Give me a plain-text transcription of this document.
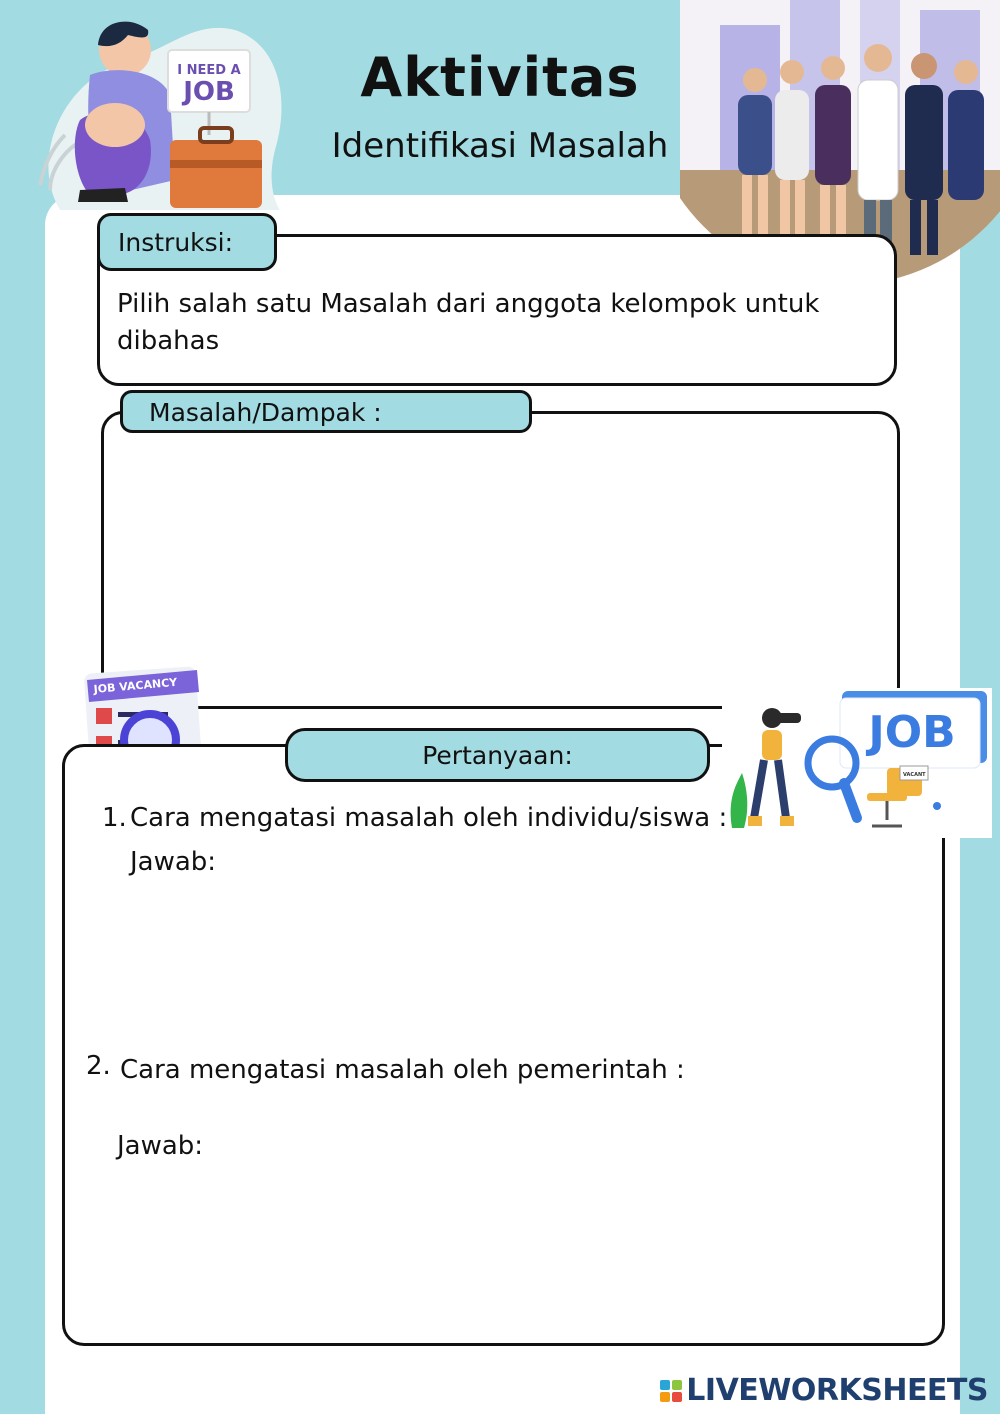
I NEED A
JOB	Aktivitas
Identifikasi Masalah
Instruksi:
Pilih salah satu Masalah dari anggota kelompok untuk dibahas
Masalah/Dampak :
JOB VACANCY
Pertanyaan:	JOB
VACANT
1. Cara mengatasi masalah oleh individu/siswa :
Jawab:
2. Cara mengatasi masalah oleh pemerintah :
Jawab:
LIVEWORKSHEETS
